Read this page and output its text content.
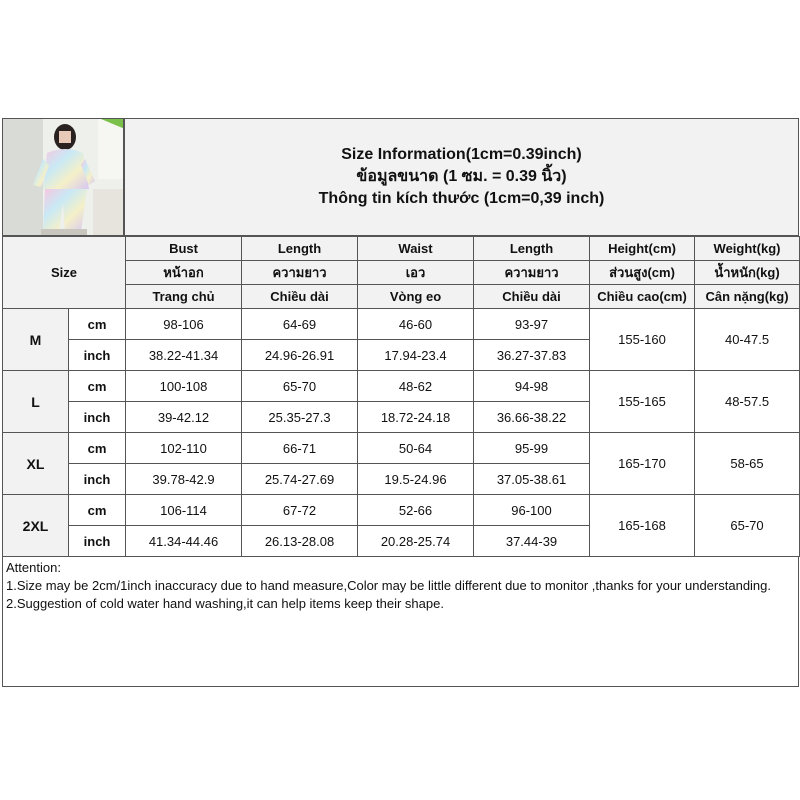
Size Information(1cm=0.39inch)
ข้อมูลขนาด (1 ซม. = 0.39 นิ้ว)
Thông tin kích thước (1cm=0,39 inch)
Size		Bust	Length	Waist	Length	Height(cm)	Weight(kg)
		หน้าอก	ความยาว	เอว	ความยาว	ส่วนสูง(cm)	น้ำหนัก(kg)
		Trang chủ	Chiều dài	Vòng eo	Chiều dài	Chiều cao(cm)	Cân nặng(kg)
M	cm	98-106	64-69	46-60	93-97	155-160	40-47.5
	inch	38.22-41.34	24.96-26.91	17.94-23.4	36.27-37.83		
L	cm	100-108	65-70	48-62	94-98	155-165	48-57.5
	inch	39-42.12	25.35-27.3	18.72-24.18	36.66-38.22		
XL	cm	102-110	66-71	50-64	95-99	165-170	58-65
	inch	39.78-42.9	25.74-27.69	19.5-24.96	37.05-38.61		
2XL	cm	106-114	67-72	52-66	96-100	165-168	65-70
	inch	41.34-44.46	26.13-28.08	20.28-25.74	37.44-39		
Attention:
1.Size may be 2cm/1inch inaccuracy due to hand measure,Color may be little different due to monitor ,thanks for your understanding.
2.Suggestion of cold water hand washing,it can help items keep their shape.
